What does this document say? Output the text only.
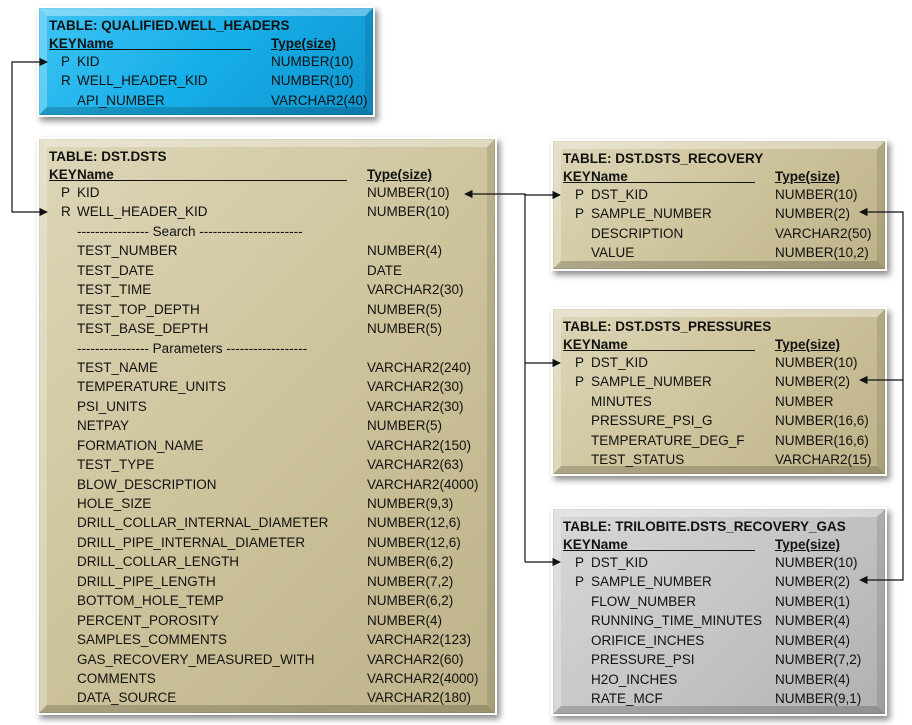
TABLE: QUALIFIED.WELL_HEADERS
KEY Name	Type(size)
P KID	NUMBER(10)
R WELL_HEADER_KID	NUMBER(10)
API_NUMBER	VARCHAR2(40)
TABLE: DST.DSTS
KEY Name	Type(size)
P KID	NUMBER(10)
R WELL_HEADER_KID	NUMBER(10)
---------------- Search -----------------------
TEST_NUMBER	NUMBER(4)
TEST_DATE	DATE
TEST_TIME	VARCHAR2(30)
TEST_TOP_DEPTH	NUMBER(5)
TEST_BASE_DEPTH	NUMBER(5)
---------------- Parameters ------------------
TEST_NAME	VARCHAR2(240)
TEMPERATURE_UNITS	VARCHAR2(30)
PSI_UNITS	VARCHAR2(30)
NETPAY	NUMBER(5)
FORMATION_NAME	VARCHAR2(150)
TEST_TYPE	VARCHAR2(63)
BLOW_DESCRIPTION	VARCHAR2(4000)
HOLE_SIZE	NUMBER(9,3)
DRILL_COLLAR_INTERNAL_DIAMETER	NUMBER(12,6)
DRILL_PIPE_INTERNAL_DIAMETER	NUMBER(12,6)
DRILL_COLLAR_LENGTH	NUMBER(6,2)
DRILL_PIPE_LENGTH	NUMBER(7,2)
BOTTOM_HOLE_TEMP	NUMBER(6,2)
PERCENT_POROSITY	NUMBER(4)
SAMPLES_COMMENTS	VARCHAR2(123)
GAS_RECOVERY_MEASURED_WITH	VARCHAR2(60)
COMMENTS	VARCHAR2(4000)
DATA_SOURCE	VARCHAR2(180)
TABLE: DST.DSTS_RECOVERY
KEY Name	Type(size)
P DST_KID	NUMBER(10)
P SAMPLE_NUMBER	NUMBER(2)
DESCRIPTION	VARCHAR2(50)
VALUE	NUMBER(10,2)
TABLE: DST.DSTS_PRESSURES
KEY Name	Type(size)
P DST_KID	NUMBER(10)
P SAMPLE_NUMBER	NUMBER(2)
MINUTES	NUMBER
PRESSURE_PSI_G	NUMBER(16,6)
TEMPERATURE_DEG_F NUMBER(16,6)
TEST_STATUS	VARCHAR2(15)
TABLE: TRILOBITE.DSTS_RECOVERY_GAS
KEY Name	Type(size)
P DST_KID	NUMBER(10)
P SAMPLE_NUMBER	NUMBER(2)
FLOW_NUMBER	NUMBER(1)
RUNNING_TIME_MINUTES NUMBER(4)
ORIFICE_INCHES	NUMBER(4)
PRESSURE_PSI	NUMBER(7,2)
H2O_INCHES	NUMBER(4)
RATE_MCF	NUMBER(9,1)
